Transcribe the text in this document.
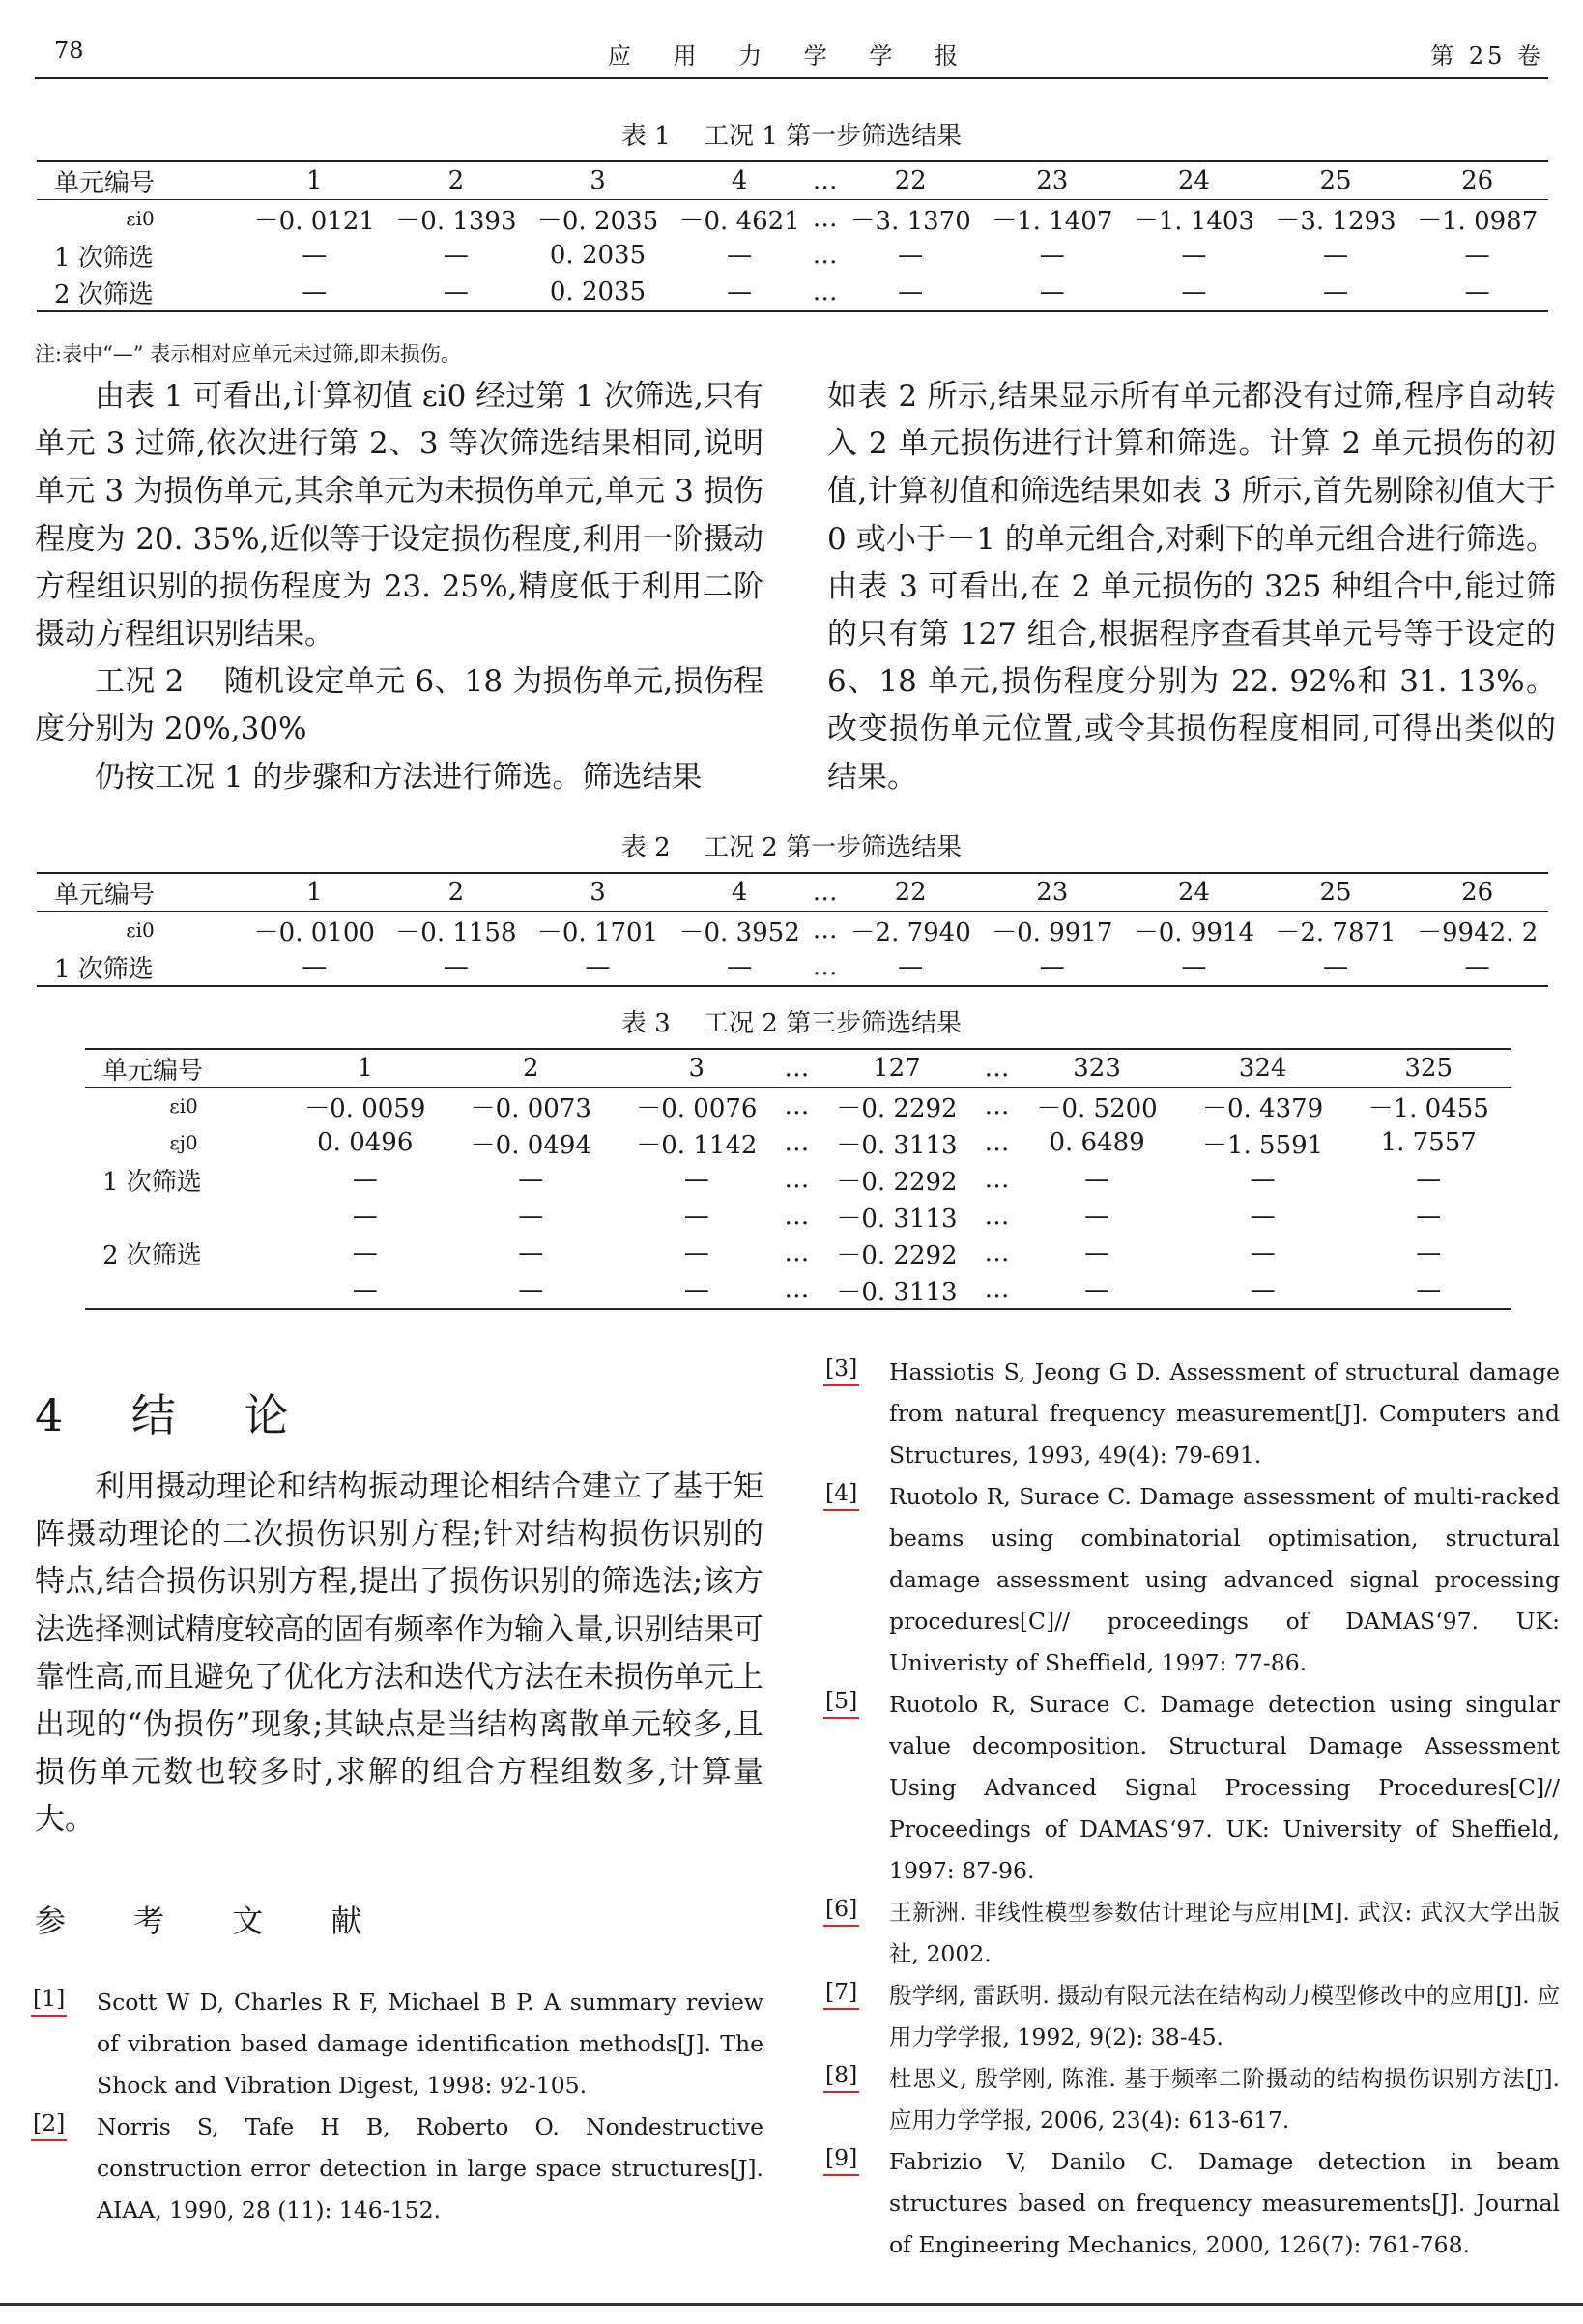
78	应 用 力 学 学 报	第 25 卷
表 1　 工况 1 第一步筛选结果
单元编号	1	2	3	4	…	22	23	24	25	26
εi0	－0. 0121	－0. 1393	－0. 2035	－0. 4621	…	－3. 1370	－1. 1407	－1. 1403	－3. 1293	－1. 0987
1 次筛选	—	—	0. 2035	—	…	—	—	—	—	—
2 次筛选	—	—	0. 2035	—	…	—	—	—	—	—
注:表中“—” 表示相对应单元未过筛,即未损伤。

由表 1 可看出,计算初值 εi0 经过第 1 次筛选,只有单元 3 过筛,依次进行第 2、3 等次筛选结果相同,说明单元 3 为损伤单元,其余单元为未损伤单元,单元 3 损伤程度为 20. 35%,近似等于设定损伤程度,利用一阶摄动方程组识别的损伤程度为 23. 25%,精度低于利用二阶摄动方程组识别结果。

工况 2　 随机设定单元 6、18 为损伤单元,损伤程度分别为 20%,30%

仍按工况 1 的步骤和方法进行筛选。筛选结果

如表 2 所示,结果显示所有单元都没有过筛,程序自动转入 2 单元损伤进行计算和筛选。计算 2 单元损伤的初值,计算初值和筛选结果如表 3 所示,首先剔除初值大于 0 或小于－1 的单元组合,对剩下的单元组合进行筛选。由表 3 可看出,在 2 单元损伤的 325 种组合中,能过筛的只有第 127 组合,根据程序查看其单元号等于设定的 6、18 单元,损伤程度分别为 22. 92%和 31. 13%。改变损伤单元位置,或令其损伤程度相同,可得出类似的结果。

表 2　 工况 2 第一步筛选结果
单元编号	1	2	3	4	…	22	23	24	25	26
εi0	－0. 0100	－0. 1158	－0. 1701	－0. 3952	…	－2. 7940	－0. 9917	－0. 9914	－2. 7871	－9942. 2
1 次筛选	—	—	—	—	…	—	—	—	—	—
表 3　 工况 2 第三步筛选结果
单元编号	1	2	3	…	127	…	323	324	325
εi0	－0. 0059	－0. 0073	－0. 0076	…	－0. 2292	…	－0. 5200	－0. 4379	－1. 0455
εj0	0. 0496	－0. 0494	－0. 1142	…	－0. 3113	…	0. 6489	－1. 5591	1. 7557
1 次筛选	—	—	—	…	－0. 2292	…	—	—	—
	—	—	—	…	－0. 3113	…	—	—	—
2 次筛选	—	—	—	…	－0. 2292	…	—	—	—
	—	—	—	…	－0. 3113	…	—	—	—
4 结 论

利用摄动理论和结构振动理论相结合建立了基于矩阵摄动理论的二次损伤识别方程;针对结构损伤识别的特点,结合损伤识别方程,提出了损伤识别的筛选法;该方法选择测试精度较高的固有频率作为输入量,识别结果可靠性高,而且避免了优化方法和迭代方法在未损伤单元上出现的“伪损伤”现象;其缺点是当结构离散单元较多,且损伤单元数也较多时,求解的组合方程组数多,计算量大。

参 考 文 献
[1] Scott W D, Charles R F, Michael B P. A summary review of vibration based damage identification methods[J]. The Shock and Vibration Digest, 1998: 92-105.
[2] Norris S, Tafe H B, Roberto O. Nondestructive construction error detection in large space structures[J]. AIAA, 1990, 28 (11): 146-152.
[3] Hassiotis S, Jeong G D. Assessment of structural damage from natural frequency measurement[J]. Computers and Structures, 1993, 49(4): 79-691.
[4] Ruotolo R, Surace C. Damage assessment of multi-racked beams using combinatorial optimisation, structural damage assessment using advanced signal processing procedures[C]// proceedings of DAMAS‘97. UK: Univeristy of Sheffield, 1997: 77-86.
[5] Ruotolo R, Surace C. Damage detection using singular value decomposition. Structural Damage Assessment Using Advanced Signal Processing Procedures[C]// Proceedings of DAMAS‘97. UK: University of Sheffield, 1997: 87-96.
[6] 王新洲. 非线性模型参数估计理论与应用[M]. 武汉: 武汉大学出版社, 2002.
[7] 殷学纲, 雷跃明. 摄动有限元法在结构动力模型修改中的应用[J]. 应用力学学报, 1992, 9(2): 38-45.
[8] 杜思义, 殷学刚, 陈淮. 基于频率二阶摄动的结构损伤识别方法[J]. 应用力学学报, 2006, 23(4): 613-617.
[9] Fabrizio V, Danilo C. Damage detection in beam structures based on frequency measurements[J]. Journal of Engineering Mechanics, 2000, 126(7): 761-768.
